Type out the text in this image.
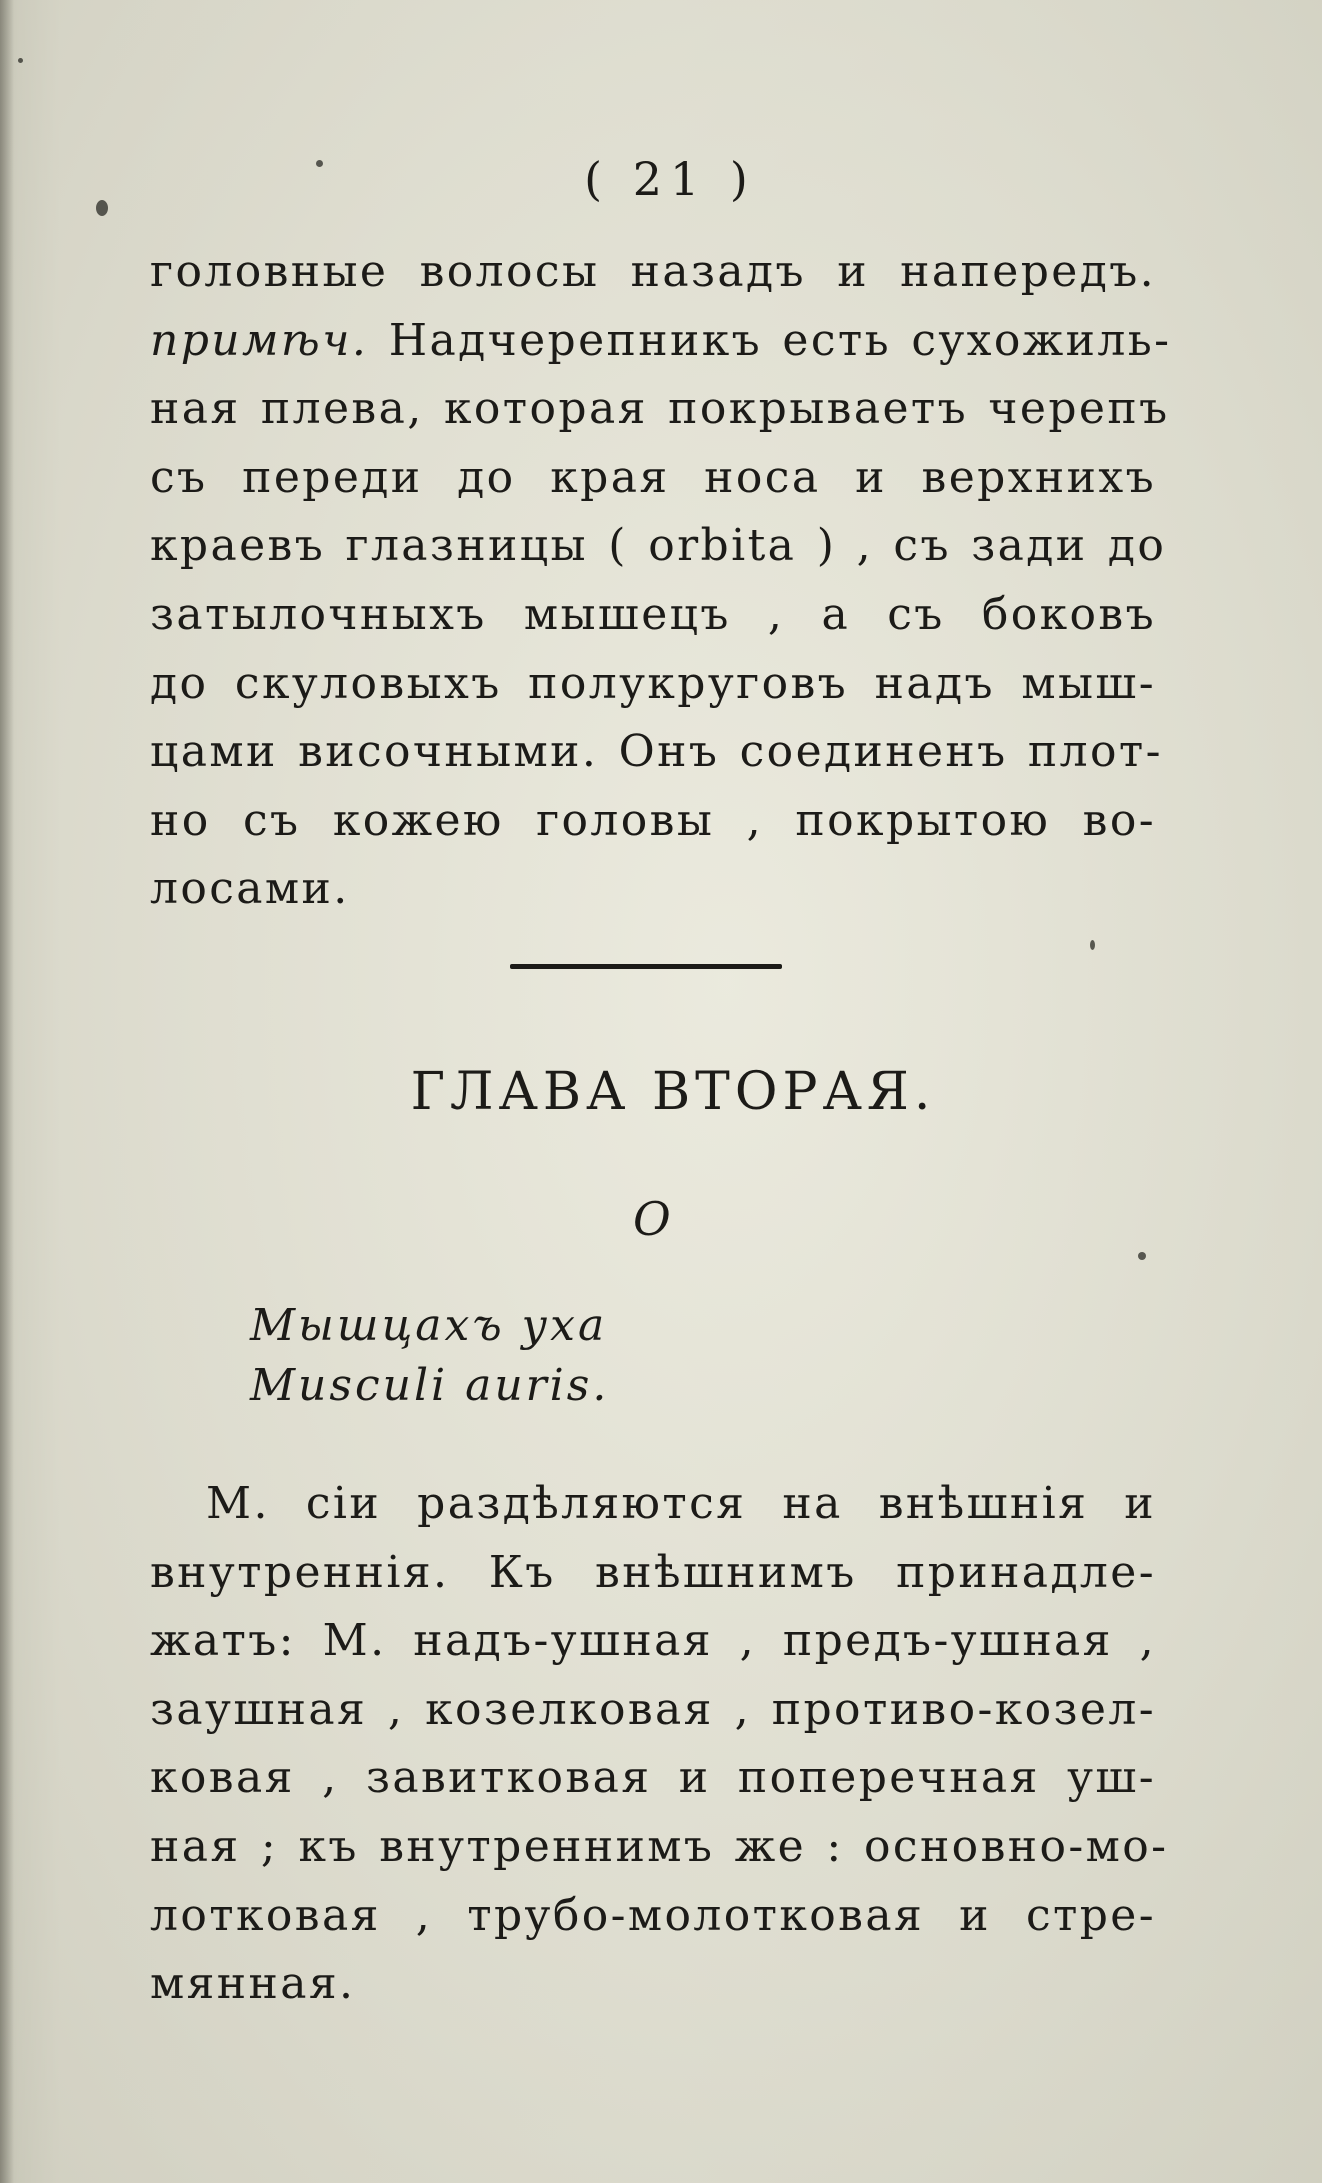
( 21 )
головные волосы назадъ и напередъ.
примѣч. Надчерепникъ есть сухожиль-
ная плева, которая покрываетъ черепъ
съ переди до края носа и верхнихъ
краевъ глазницы ( orbita ) , съ зади до
затылочныхъ мышецъ , а съ боковъ
до скуловыхъ полукруговъ надъ мыш-
цами височными. Онъ соединенъ плот-
но съ кожею головы , покрытою во-
лосами.
ГЛАВА ВТОРАЯ.
О
Мышцахъ уха
Musculi auris.
М. сіи раздѣляются на внѣшнія и
внутреннія. Къ внѣшнимъ принадле-
жатъ: М. надъ-ушная , предъ-ушная ,
заушная , козелковая , противо-козел-
ковая , завитковая и поперечная уш-
ная ; къ внутреннимъ же : основно-мо-
лотковая , трубо-молотковая и стре-
мянная.
